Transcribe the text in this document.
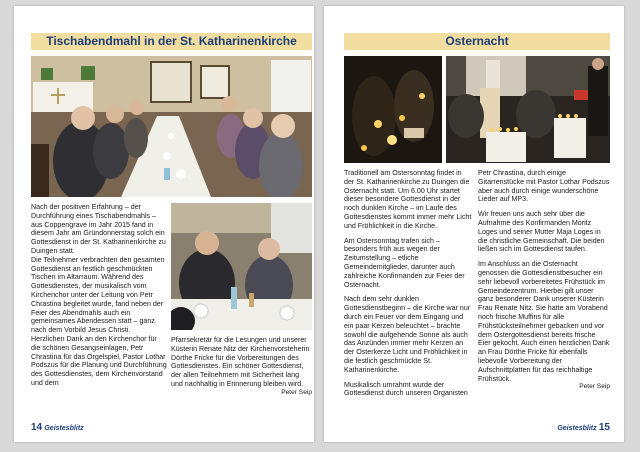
Tischabendmahl in der St. Katharinenkirche

Nach der positiven Erfahrung – der Durchführung eines Tischabendmahls – aus Coppengrave im Jahr 2015 fand in diesem Jahr am Gründonnerstag solch ein Gottesdienst in der St. Katharinenkirche zu Duingen statt.

Die Teilnehmer verbrachten den gesamten Gottesdienst an festlich geschmückten Tischen im Altarraum. Während des Gottesdienstes, der musikalisch vom Kirchenchor unter der Leitung von Petr Chrastina begleitet wurde, fand neben der Feier des Abendmahls auch ein gemeinsames Abendessen statt – ganz nach dem Vorbild Jesus Christi.

Herzlichen Dank an den Kirchenchor für die schönen Gesangseinlagen, Petr Chrastina für das Orgelspiel, Pastor Lothar Podszus für die Planung und Durchführung des Gottesdienstes, dem Kirchenvorstand und dem

Pfarrsekretär für die Lesungen und unserer Küsterin Renate Nitz der Kirchenvorsteherin Dörthe Fricke für die Vorbereitungen des Gottesdienstes. Ein schöner Gottesdienst, der allen Teilnehmern mit Sicherheit lang und nachhaltig in Erinnerung bleiben wird.

Peter Seip
14 Geistesblitz
Osternacht

Traditionell am Ostersonntag findet in der St. Katharinenkirche zu Duingen die Osternacht statt. Um 6.00 Uhr startet dieser besondere Gottesdienst in der noch dunklen Kirche – im Laufe des Gottesdienstes kommt immer mehr Licht und Fröhlichkeit in die Kirche.

Am Ostersonntag trafen sich – besonders früh aus wegen der Zeitumstellung – etliche Gemeindemitglieder, darunter auch zahlreiche Konfirmanden zur Feier der Osternacht.

Nach dem sehr dunklen Gottesdienstbeginn – die Kirche war nur durch ein Feuer vor dem Eingang und ein paar Kerzen beleuchtet – brachte sowohl die aufgehende Sonne als auch das Anzünden immer mehr Kerzen an der Osterkerze Licht und Fröhlichkeit in die festlich geschmückte St. Katharinenkirche.

Musikalisch umrahmt wurde der Gottesdienst durch unseren Organisten

Petr Chrastina, durch einige Gitarrenstücke mit Pastor Lothar Podszus aber auch durch einige wunderschöne Lieder auf MP3.

Wir freuen uns auch sehr über die Aufnahme des Konfirmanden Moritz Loges und seiner Mutter Maja Loges in die christliche Gemeinschaft. Die beiden ließen sich im Gottesdienst taufen.

Im Anschluss an die Osternacht genossen die Gottesdienstbesucher ein sehr liebevoll vorbereitetes Frühstück im Gemeindezentrum. Hierbei gilt unser ganz besonderer Dank unserer Küsterin Frau Renate Nitz. Sie hatte am Vorabend noch frische Muffins für alle Frühstücksteilnehmer gebacken und vor dem Ostergottesdienst bereits frische Eier gekocht. Auch einen herzlichen Dank an Frau Dörthe Fricke für ebenfalls liebevolle Vorbereitung der Aufschnittplatten für das reichhaltige Frühstück.

Peter Seip
Geistesblitz 15
